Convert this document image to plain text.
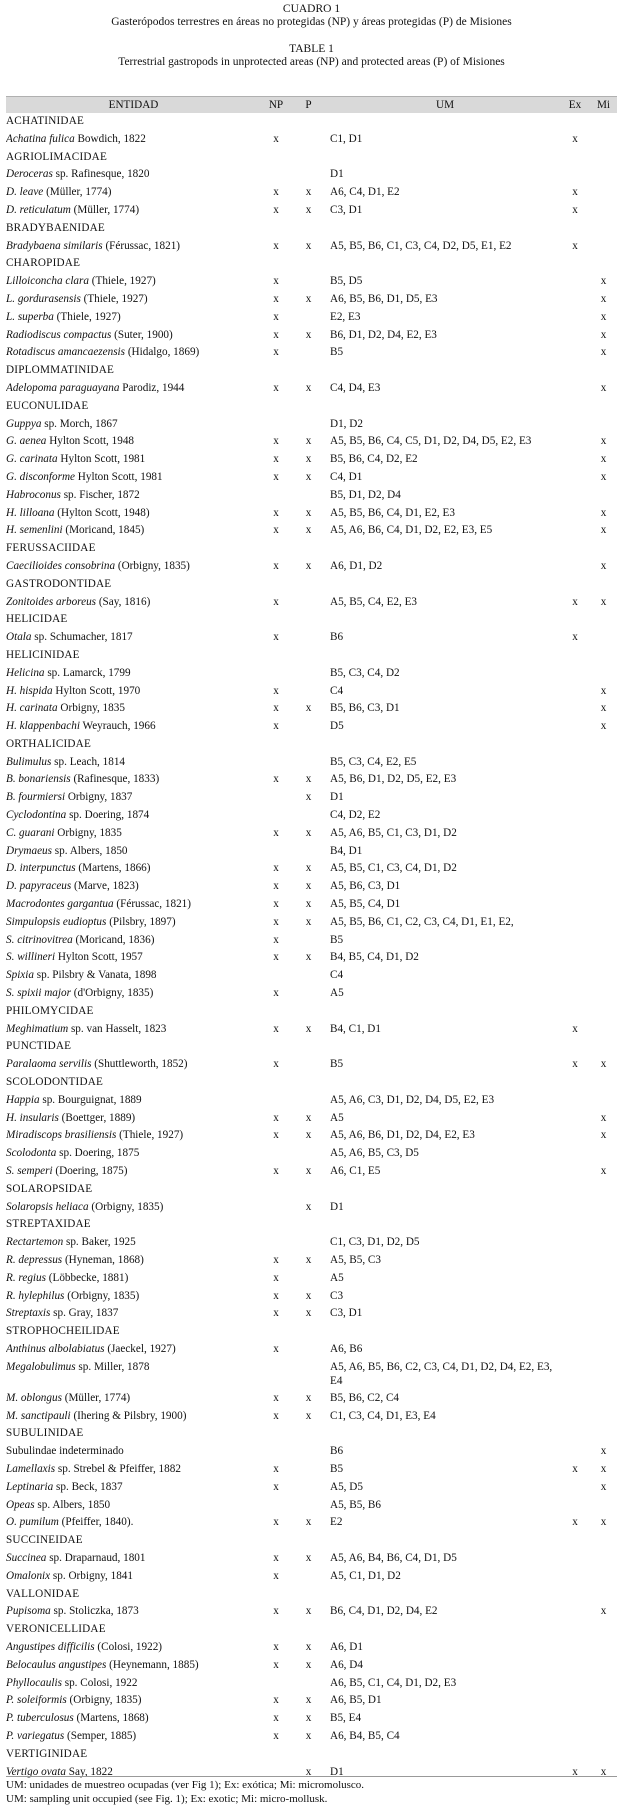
CUADRO 1
Gasterópodos terrestres en áreas no protegidas (NP) y áreas protegidas (P) de Misiones
TABLE 1
Terrestrial gastropods in unprotected areas (NP) and protected areas (P) of Misiones
ENTIDAD	NP	P	UM	Ex	Mi
ACHATINIDAE					
Achatina fulica Bowdich, 1822	x		C1, D1	x	
AGRIOLIMACIDAE					
Deroceras sp. Rafinesque, 1820			D1		
D. leave (Müller, 1774)	x	x	A6, C4, D1, E2	x	
D. reticulatum (Müller, 1774)	x	x	C3, D1	x	
BRADYBAENIDAE					
Bradybaena similaris (Férussac, 1821)	x	x	A5, B5, B6, C1, C3, C4, D2, D5, E1, E2	x	
CHAROPIDAE					
Lilloiconcha clara (Thiele, 1927)	x		B5, D5		x
L. gordurasensis (Thiele, 1927)	x	x	A6, B5, B6, D1, D5, E3		x
L. superba (Thiele, 1927)	x		E2, E3		x
Radiodiscus compactus (Suter, 1900)	x	x	B6, D1, D2, D4, E2, E3		x
Rotadiscus amancaezensis (Hidalgo, 1869)	x		B5		x
DIPLOMMATINIDAE					
Adelopoma paraguayana Parodiz, 1944	x	x	C4, D4, E3		x
EUCONULIDAE					
Guppya sp. Morch, 1867			D1, D2		
G. aenea Hylton Scott, 1948	x	x	A5, B5, B6, C4, C5, D1, D2, D4, D5, E2, E3		x
G. carinata Hylton Scott, 1981	x	x	B5, B6, C4, D2, E2		x
G. disconforme Hylton Scott, 1981	x	x	C4, D1		x
Habroconus sp. Fischer, 1872			B5, D1, D2, D4		
H. lilloana (Hylton Scott, 1948)	x	x	A5, B5, B6, C4, D1, E2, E3		x
H. semenlini (Moricand, 1845)	x	x	A5, A6, B6, C4, D1, D2, E2, E3, E5		x
FERUSSACIIDAE					
Caecilioides consobrina (Orbigny, 1835)	x	x	A6, D1, D2		x
GASTRODONTIDAE					
Zonitoides arboreus (Say, 1816)	x		A5, B5, C4, E2, E3	x	x
HELICIDAE					
Otala sp. Schumacher, 1817	x		B6	x	
HELICINIDAE					
Helicina sp. Lamarck, 1799			B5, C3, C4, D2		
H. hispida Hylton Scott, 1970	x		C4		x
H. carinata Orbigny, 1835	x	x	B5, B6, C3, D1		x
H. klappenbachi Weyrauch, 1966	x		D5		x
ORTHALICIDAE					
Bulimulus sp. Leach, 1814			B5, C3, C4, E2, E5		
B. bonariensis (Rafinesque, 1833)	x	x	A5, B6, D1, D2, D5, E2, E3		
B. fourmiersi Orbigny, 1837		x	D1		
Cyclodontina sp. Doering, 1874			C4, D2, E2		
C. guarani Orbigny, 1835	x	x	A5, A6, B5, C1, C3, D1, D2		
Drymaeus sp. Albers, 1850			B4, D1		
D. interpunctus (Martens, 1866)	x	x	A5, B5, C1, C3, C4, D1, D2		
D. papyraceus (Marve, 1823)	x	x	A5, B6, C3, D1		
Macrodontes gargantua (Férussac, 1821)	x	x	A5, B5, C4, D1		
Simpulopsis eudioptus (Pilsbry, 1897)	x	x	A5, B5, B6, C1, C2, C3, C4, D1, E1, E2,		
S. citrinovitrea (Moricand, 1836)	x		B5		
S. willineri Hylton Scott, 1957	x	x	B4, B5, C4, D1, D2		
Spixia sp. Pilsbry & Vanata, 1898			C4		
S. spixii major (d'Orbigny, 1835)	x		A5		
PHILOMYCIDAE					
Meghimatium sp. van Hasselt, 1823	x	x	B4, C1, D1	x	
PUNCTIDAE					
Paralaoma servilis (Shuttleworth, 1852)	x		B5	x	x
SCOLODONTIDAE					
Happia sp. Bourguignat, 1889			A5, A6, C3, D1, D2, D4, D5, E2, E3		
H. insularis (Boettger, 1889)	x	x	A5		x
Miradiscops brasiliensis (Thiele, 1927)	x	x	A5, A6, B6, D1, D2, D4, E2, E3		x
Scolodonta sp. Doering, 1875			A5, A6, B5, C3, D5		
S. semperi (Doering, 1875)	x	x	A6, C1, E5		x
SOLAROPSIDAE					
Solaropsis heliaca (Orbigny, 1835)		x	D1		
STREPTAXIDAE					
Rectartemon sp. Baker, 1925			C1, C3, D1, D2, D5		
R. depressus (Hyneman, 1868)	x	x	A5, B5, C3		
R. regius (Löbbecke, 1881)	x		A5		
R. hylephilus (Orbigny, 1835)	x	x	C3		
Streptaxis sp. Gray, 1837	x	x	C3, D1		
STROPHOCHEILIDAE					
Anthinus albolabiatus (Jaeckel, 1927)	x		A6, B6		
Megalobulimus sp. Miller, 1878			A5, A6, B5, B6, C2, C3, C4, D1, D2, D4, E2, E3, E4		
M. oblongus (Müller, 1774)	x	x	B5, B6, C2, C4		
M. sanctipauli (Ihering & Pilsbry, 1900)	x	x	C1, C3, C4, D1, E3, E4		
SUBULINIDAE					
Subulindae indeterminado			B6		x
Lamellaxis sp. Strebel & Pfeiffer, 1882	x		B5	x	x
Leptinaria sp. Beck, 1837	x		A5, D5		x
Opeas sp. Albers, 1850			A5, B5, B6		
O. pumilum (Pfeiffer, 1840).	x	x	E2	x	x
SUCCINEIDAE					
Succinea sp. Draparnaud, 1801	x	x	A5, A6, B4, B6, C4, D1, D5		
Omalonix sp. Orbigny, 1841	x		A5, C1, D1, D2		
VALLONIDAE					
Pupisoma sp. Stoliczka, 1873	x	x	B6, C4, D1, D2, D4, E2		x
VERONICELLIDAE					
Angustipes difficilis (Colosi, 1922)	x	x	A6, D1		
Belocaulus angustipes (Heynemann, 1885)	x	x	A6, D4		
Phyllocaulis sp. Colosi, 1922			A6, B5, C1, C4, D1, D2, E3		
P. soleiformis (Orbigny, 1835)	x	x	A6, B5, D1		
P. tuberculosus (Martens, 1868)	x	x	B5, E4		
P. variegatus (Semper, 1885)	x	x	A6, B4, B5, C4		
VERTIGINIDAE					
Vertigo ovata Say, 1822		x	D1	x	x
UM: unidades de muestreo ocupadas (ver Fig 1); Ex: exótica; Mi: micromolusco.
UM: sampling unit occupied (see Fig. 1); Ex: exotic; Mi: micro-mollusk.
